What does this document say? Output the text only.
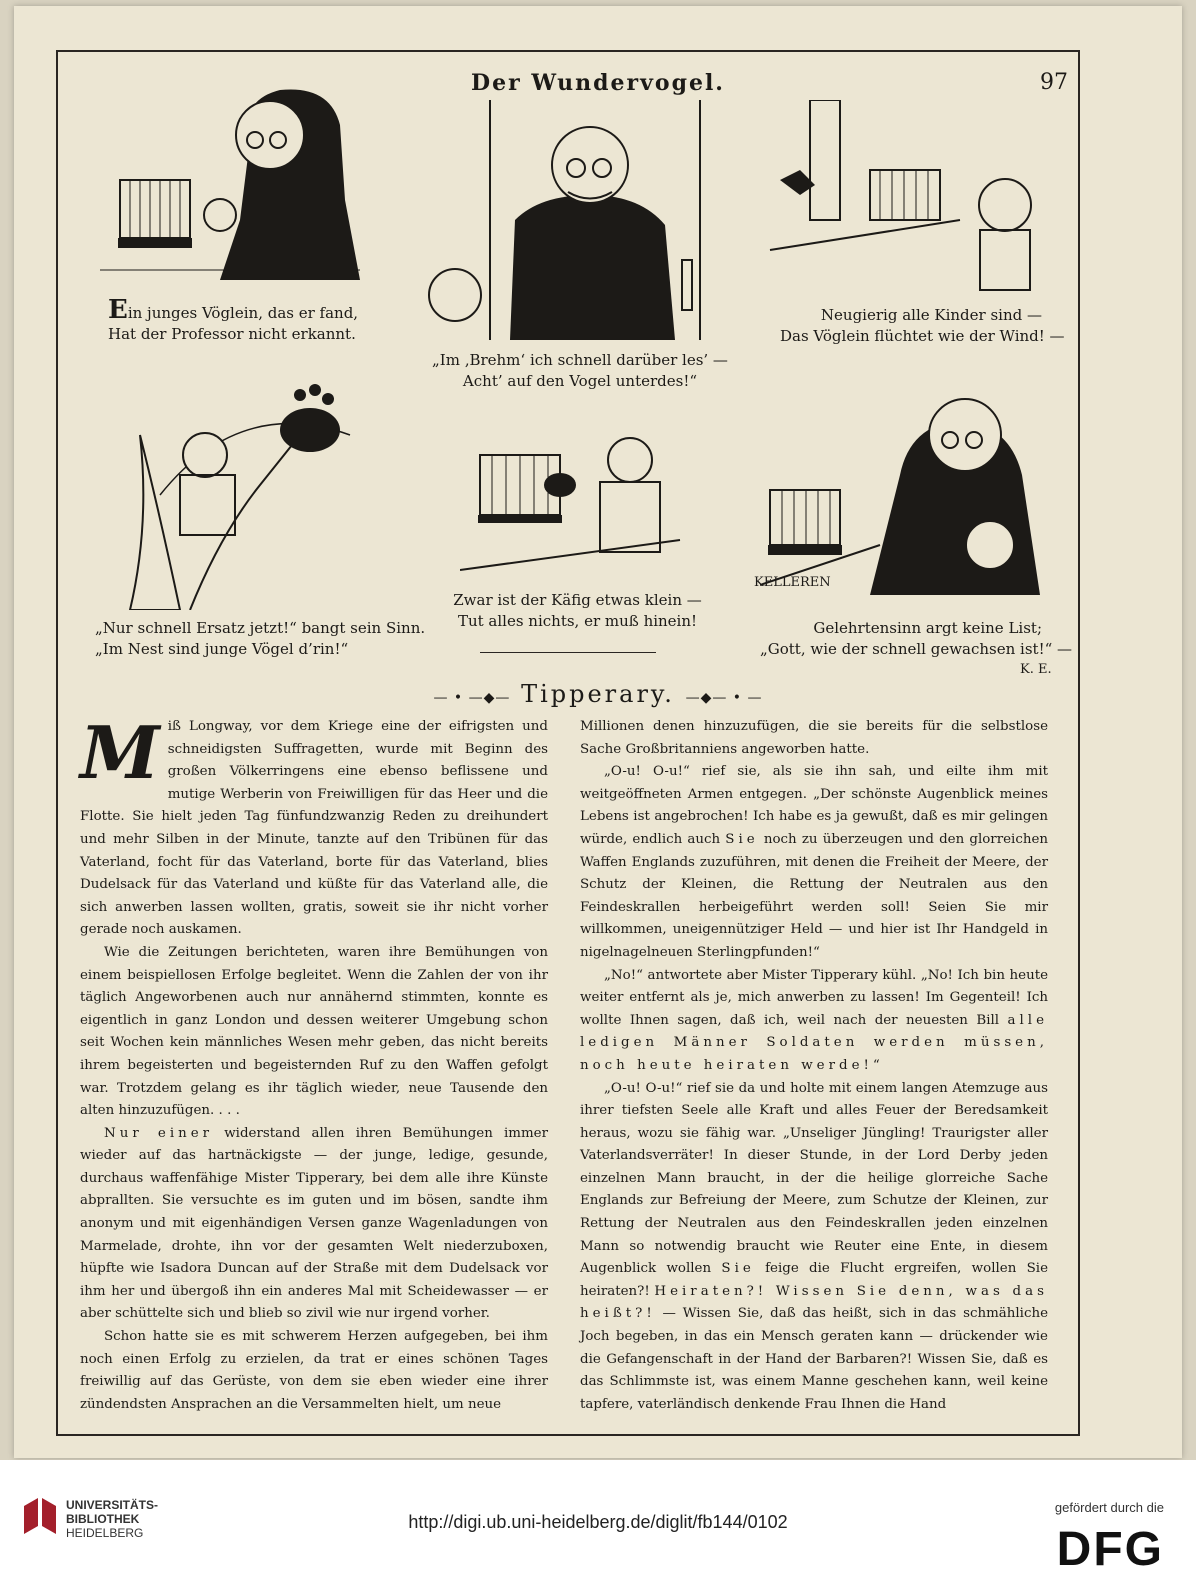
Der Wundervogel.	97
Ein junges Vöglein, das er fand,
Hat der Professor nicht erkannt.
„Im ‚Brehm‘ ich schnell darüber les’ —
Acht’ auf den Vogel unterdes!“
Neugierig alle Kinder sind —
Das Vöglein flüchtet wie der Wind! —
„Nur schnell Ersatz jetzt!“ bangt sein Sinn.
„Im Nest sind junge Vögel d’rin!“
Zwar ist der Käfig etwas klein —
Tut alles nichts, er muß hinein!
KELLEREN
Gelehrtensinn argt keine List;
„Gott, wie der schnell gewachsen ist!“ —
K. E.
— • —◆— Tipperary. —◆— • —

Miß Longway, vor dem Kriege eine der eifrigsten und schneidigsten Suffragetten, wurde mit Beginn des großen Völkerringens eine ebenso beflissene und mutige Werberin von Freiwilligen für das Heer und die Flotte. Sie hielt jeden Tag fünfundzwanzig Reden zu dreihundert und mehr Silben in der Minute, tanzte auf den Tribünen für das Vaterland, focht für das Vaterland, borte für das Vaterland, blies Dudelsack für das Vaterland und küßte für das Vaterland alle, die sich anwerben lassen wollten, gratis, soweit sie ihr nicht vorher gerade noch auskamen.

Wie die Zeitungen berichteten, waren ihre Bemühungen von einem beispiellosen Erfolge begleitet. Wenn die Zahlen der von ihr täglich Angeworbenen auch nur annähernd stimmten, konnte es eigentlich in ganz London und dessen weiterer Umgebung schon seit Wochen kein männliches Wesen mehr geben, das nicht bereits ihrem begeisterten und begeisternden Ruf zu den Waffen gefolgt war. Trotzdem gelang es ihr täglich wieder, neue Tausende den alten hinzuzufügen. . . .

Nur einer widerstand allen ihren Bemühungen immer wieder auf das hartnäckigste — der junge, ledige, gesunde, durchaus waffenfähige Mister Tipperary, bei dem alle ihre Künste abprallten. Sie versuchte es im guten und im bösen, sandte ihm anonym und mit eigenhändigen Versen ganze Wagenladungen von Marmelade, drohte, ihn vor der gesamten Welt niederzuboxen, hüpfte wie Isadora Duncan auf der Straße mit dem Dudelsack vor ihm her und übergoß ihn ein anderes Mal mit Scheidewasser — er aber schüttelte sich und blieb so zivil wie nur irgend vorher.

Schon hatte sie es mit schwerem Herzen aufgegeben, bei ihm noch einen Erfolg zu erzielen, da trat er eines schönen Tages freiwillig auf das Gerüste, von dem sie eben wieder eine ihrer zündendsten Ansprachen an die Versammelten hielt, um neue

Millionen denen hinzuzufügen, die sie bereits für die selbstlose Sache Großbritanniens angeworben hatte.

„O-u! O-u!“ rief sie, als sie ihn sah, und eilte ihm mit weitgeöffneten Armen entgegen. „Der schönste Augenblick meines Lebens ist angebrochen! Ich habe es ja gewußt, daß es mir gelingen würde, endlich auch Sie noch zu überzeugen und den glorreichen Waffen Englands zuzuführen, mit denen die Freiheit der Meere, der Schutz der Kleinen, die Rettung der Neutralen aus den Feindeskrallen herbeigeführt werden soll! Seien Sie mir willkommen, uneigennütziger Held — und hier ist Ihr Handgeld in nigelnagelneuen Sterlingpfunden!“

„No!“ antwortete aber Mister Tipperary kühl. „No! Ich bin heute weiter entfernt als je, mich anwerben zu lassen! Im Gegenteil! Ich wollte Ihnen sagen, daß ich, weil nach der neuesten Bill alle ledigen Männer Soldaten werden müssen, noch heute heiraten werde!“

„O-u! O-u!“ rief sie da und holte mit einem langen Atemzuge aus ihrer tiefsten Seele alle Kraft und alles Feuer der Beredsamkeit heraus, wozu sie fähig war. „Unseliger Jüngling! Traurigster aller Vaterlandsverräter! In dieser Stunde, in der Lord Derby jeden einzelnen Mann braucht, in der die heilige glorreiche Sache Englands zur Befreiung der Meere, zum Schutze der Kleinen, zur Rettung der Neutralen aus den Feindeskrallen jeden einzelnen Mann so notwendig braucht wie Reuter eine Ente, in diesem Augenblick wollen Sie feige die Flucht ergreifen, wollen Sie heiraten?! Heiraten?! Wissen Sie denn, was das heißt?! — Wissen Sie, daß das heißt, sich in das schmähliche Joch begeben, in das ein Mensch geraten kann — drückender wie die Gefangenschaft in der Hand der Barbaren?! Wissen Sie, daß es das Schlimmste ist, was einem Manne geschehen kann, weil keine tapfere, vaterländisch denkende Frau Ihnen die Hand

UNIVERSITÄTS-
BIBLIOTHEK
HEIDELBERG
http://digi.ub.uni-heidelberg.de/diglit/fb144/0102
gefördert durch die
DFG
